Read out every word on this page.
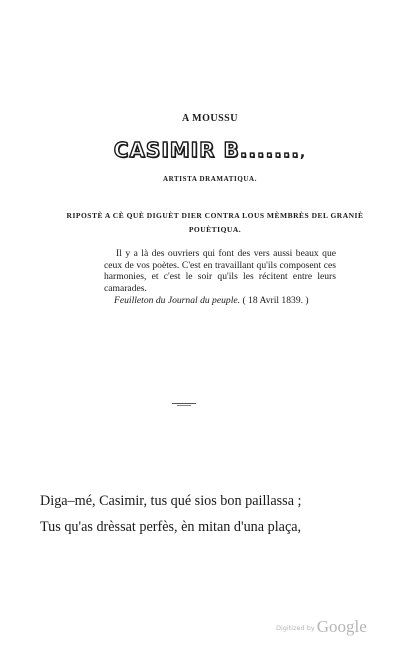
A MOUSSU
CASIMIR B.......,
ARTISTA DRAMATIQUA.
RIPOSTÈ A CÈ QUÈ DIGUÈT DIER CONTRA LOUS MÈMBRÈS DEL GRANIÈ POUÈTIQUA.

Il y a là des ouvriers qui font des vers aussi beaux que ceux de vos poètes. C'est en travaillant qu'ils composent ces harmonies, et c'est le soir qu'ils les récitent entre leurs camarades.

Feuilleton du Journal du peuple. ( 18 Avril 1839. )

Diga–mé, Casimir, tus qué sios bon paillassa ;
Tus qu'as drèssat perfès, èn mitan d'una plaça,
Digitized by Google
